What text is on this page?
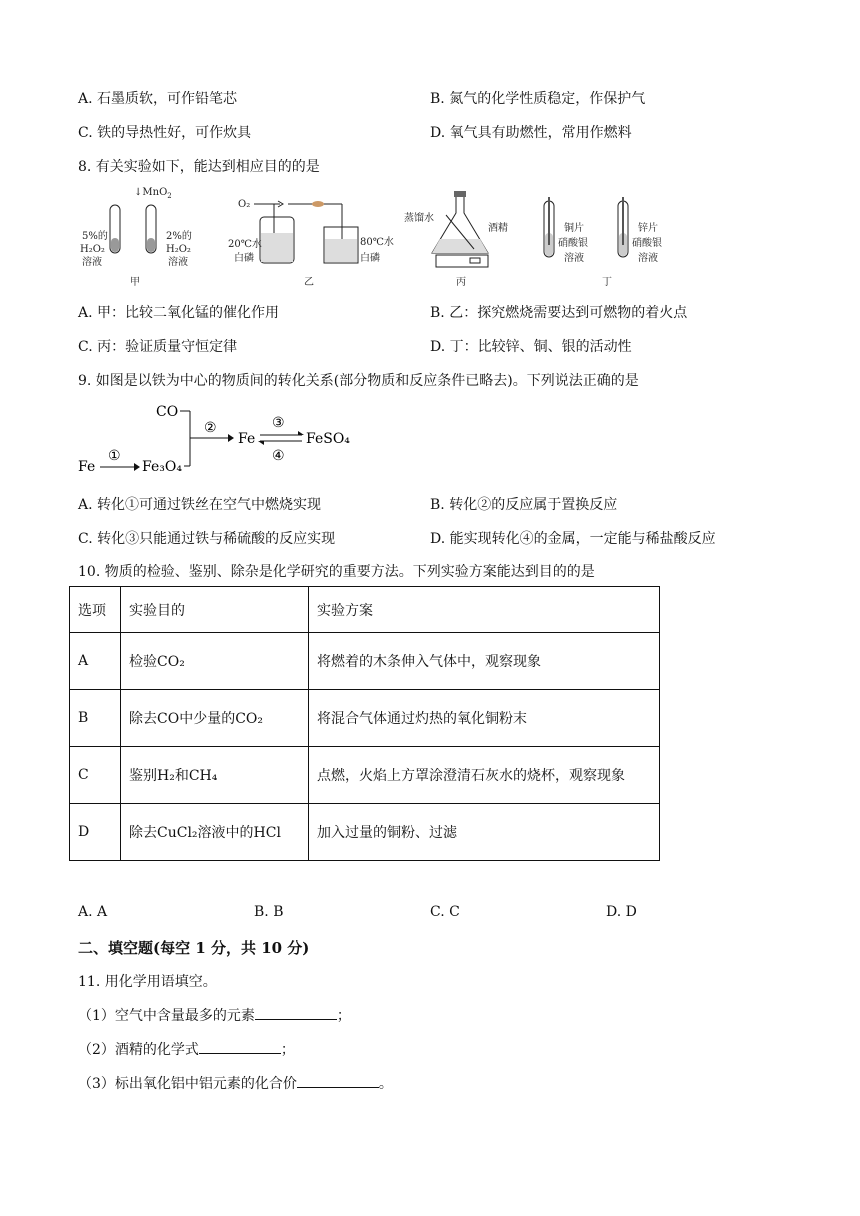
A. 石墨质软，可作铅笔芯	B. 氮气的化学性质稳定，作保护气
C. 铁的导热性好，可作炊具	D. 氧气具有助燃性，常用作燃料
8. 有关实验如下，能达到相应目的的是
↓MnO$_2$
5%的
H₂O₂
溶液
2%的
H₂O₂
溶液
甲
O₂
20℃水
白磷
80℃水
白磷
乙
蒸馏水
酒精
丙
铜片
硝酸银
溶液
锌片
硝酸银
溶液
丁
A. 甲：比较二氧化锰的催化作用	B. 乙：探究燃烧需要达到可燃物的着火点
C. 丙：验证质量守恒定律	D. 丁：比较锌、铜、银的活动性
9. 如图是以铁为中心的物质间的转化关系(部分物质和反应条件已略去)。下列说法正确的是
CO
Fe
①
Fe₃O₄
②
Fe
③
④
FeSO₄
A. 转化①可通过铁丝在空气中燃烧实现	B. 转化②的反应属于置换反应
C. 转化③只能通过铁与稀硫酸的反应实现	D. 能实现转化④的金属，一定能与稀盐酸反应
10. 物质的检验、鉴别、除杂是化学研究的重要方法。下列实验方案能达到目的的是
选项	实验目的	实验方案
A	检验CO₂	将燃着的木条伸入气体中，观察现象
B	除去CO中少量的CO₂	将混合气体通过灼热的氧化铜粉末
C	鉴别H₂和CH₄	点燃，火焰上方罩涂澄清石灰水的烧杯，观察现象
D	除去CuCl₂溶液中的HCl	加入过量的铜粉、过滤
A. A	B. B	C. C	D. D
二、填空题(每空 1 分，共 10 分)
11. 用化学用语填空。
（1）空气中含量最多的元素	；
（2）酒精的化学式	；
（3）标出氧化铝中铝元素的化合价	。
